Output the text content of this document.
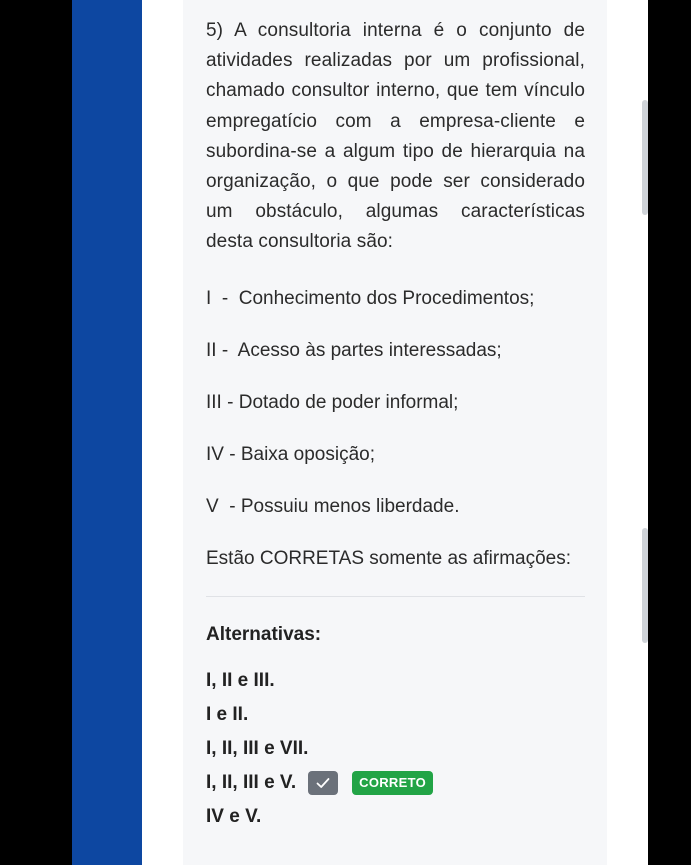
5) A consultoria interna é o conjunto de atividades realizadas por um profissional, chamado consultor interno, que tem vínculo empregatício com a empresa-cliente e subordina-se a algum tipo de hierarquia na organização, o que pode ser considerado um obstáculo, algumas características desta consultoria são:

I  -  Conhecimento dos Procedimentos;
II -  Acesso às partes interessadas;
III - Dotado de poder informal;
IV - Baixa oposição;
V  - Possuiu menos liberdade.
Estão CORRETAS somente as afirmações:
Alternativas:
I, II e III.
I e II.
I, II, III e VII.
I, II, III e V.	CORRETO
IV e V.
